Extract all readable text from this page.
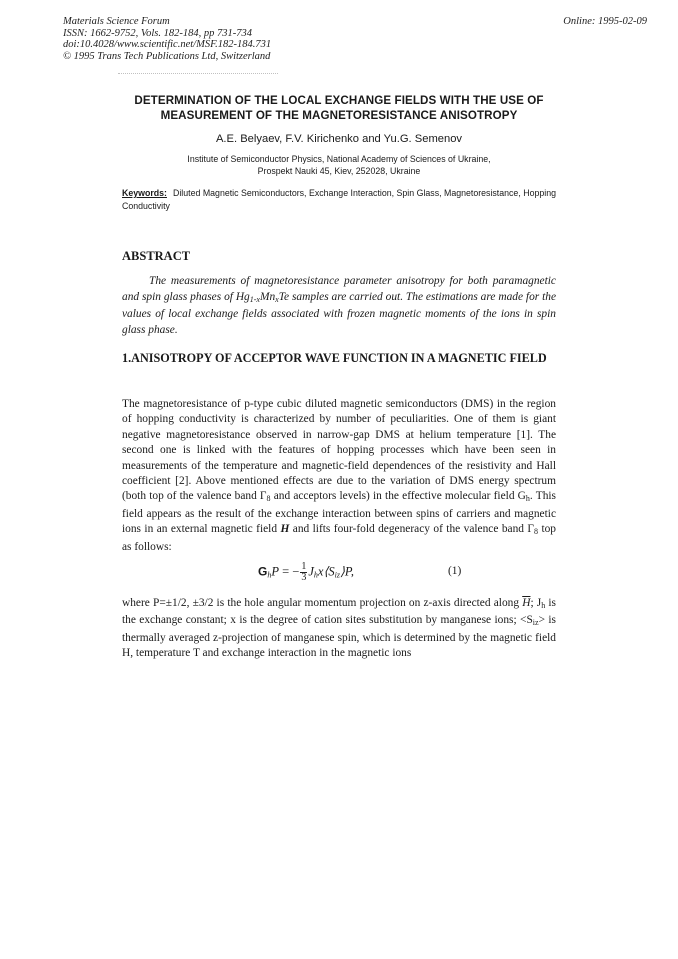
Materials Science Forum
ISSN: 1662-9752, Vols. 182-184, pp 731-734
doi:10.4028/www.scientific.net/MSF.182-184.731
© 1995 Trans Tech Publications Ltd, Switzerland
Online: 1995-02-09
DETERMINATION OF THE LOCAL EXCHANGE FIELDS WITH THE USE OF MEASUREMENT OF THE MAGNETORESISTANCE ANISOTROPY
A.E. Belyaev, F.V. Kirichenko and Yu.G. Semenov
Institute of Semiconductor Physics, National Academy of Sciences of Ukraine,
Prospekt Nauki 45, Kiev, 252028, Ukraine
Keywords: Diluted Magnetic Semiconductors, Exchange Interaction, Spin Glass, Magnetoresistance, Hopping Conductivity
ABSTRACT
The measurements of magnetoresistance parameter anisotropy for both paramagnetic and spin glass phases of $Hg_{1-x}Mn_xTe$ samples are carried out. The estimations are made for the values of local exchange fields associated with frozen magnetic moments of the ions in spin glass phase.
1.ANISOTROPY OF ACCEPTOR WAVE FUNCTION IN A MAGNETIC FIELD
The magnetoresistance of p-type cubic diluted magnetic semiconductors (DMS) in the region of hopping conductivity is characterized by number of peculiarities. One of them is giant negative magnetoresistance observed in narrow-gap DMS at helium temperature [1]. The second one is linked with the features of hopping processes which have been seen in measurements of the temperature and magnetic-field dependences of the resistivity and Hall coefficient [2]. Above mentioned effects are due to the variation of DMS energy spectrum (both top of the valence band $\Gamma_8$ and acceptors levels) in the effective molecular field $G_h$. This field appears as the result of the exchange interaction between spins of carriers and magnetic ions in an external magnetic field H and lifts four-fold degeneracy of the valence band $\Gamma_8$ top as follows:
$G_hP$ = − $\frac{1}{3}$ $J_hx⟨S_{iz}⟩P$,	(1)
where P=±1/2, ±3/2 is the hole angular momentum projection on z-axis directed along $\overline{H}$; $J_h$ is the exchange constant; x is the degree of cation sites substitution by manganese ions; $<S_{iz}>$ is thermally averaged z-projection of manganese spin, which is determined by the magnetic field H, temperature T and exchange interaction in the magnetic ions
